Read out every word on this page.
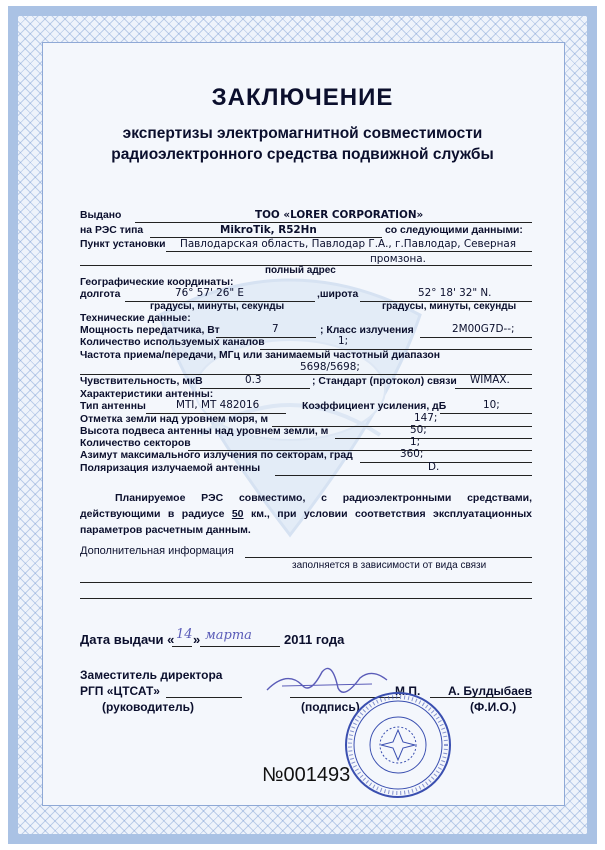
ЗАКЛЮЧЕНИЕ
экспертизы электромагнитной совместимости
радиоэлектронного средства подвижной службы
Выдано	ТОО «LORER CORPORATION»
на РЭС типа	MikroTik, R52Hn	со следующими данными:
Пункт установки Павлодарская область, Павлодар Г.А., г.Павлодар, Северная
промзона.
полный адрес
Географические координаты:
долгота	76° 57' 26" E	,широта	52° 18' 32" N.
градусы, минуты, секунды	градусы, минуты, секунды
Технические данные:
Мощность передатчика, Вт	7	; Класс излучения	2M00G7D--;
Количество используемых каналов	1;
Частота приема/передачи, МГц или занимаемый частотный диапазон
5698/5698;
Чувствительность, мкВ	0.3	; Стандарт (протокол) связи WIMAX.
Характеристики антенны:
Тип антенны	MTI, MT 482016	Коэффициент усиления, дБ	10;
Отметка земли над уровнем моря, м	147;
Высота подвеса антенны над уровнем земли, м	50;
Количество секторов	1;
Азимут максимального излучения по секторам, град	360;
Поляризация излучаемой антенны	D.
Планируемое РЭС совместимо, с радиоэлектронными средствами, действующими в радиусе 50 км., при условии соответствия эксплуатационных параметров расчетным данным.
Дополнительная информация
заполняется в зависимости от вида связи
Дата выдачи « 14 » марта 2011 года
Заместитель директора
РГП «ЦТСАТ»
(руководитель)	(подпись)
М.П. А. Булдыбаев
(Ф.И.О.)
№001493
